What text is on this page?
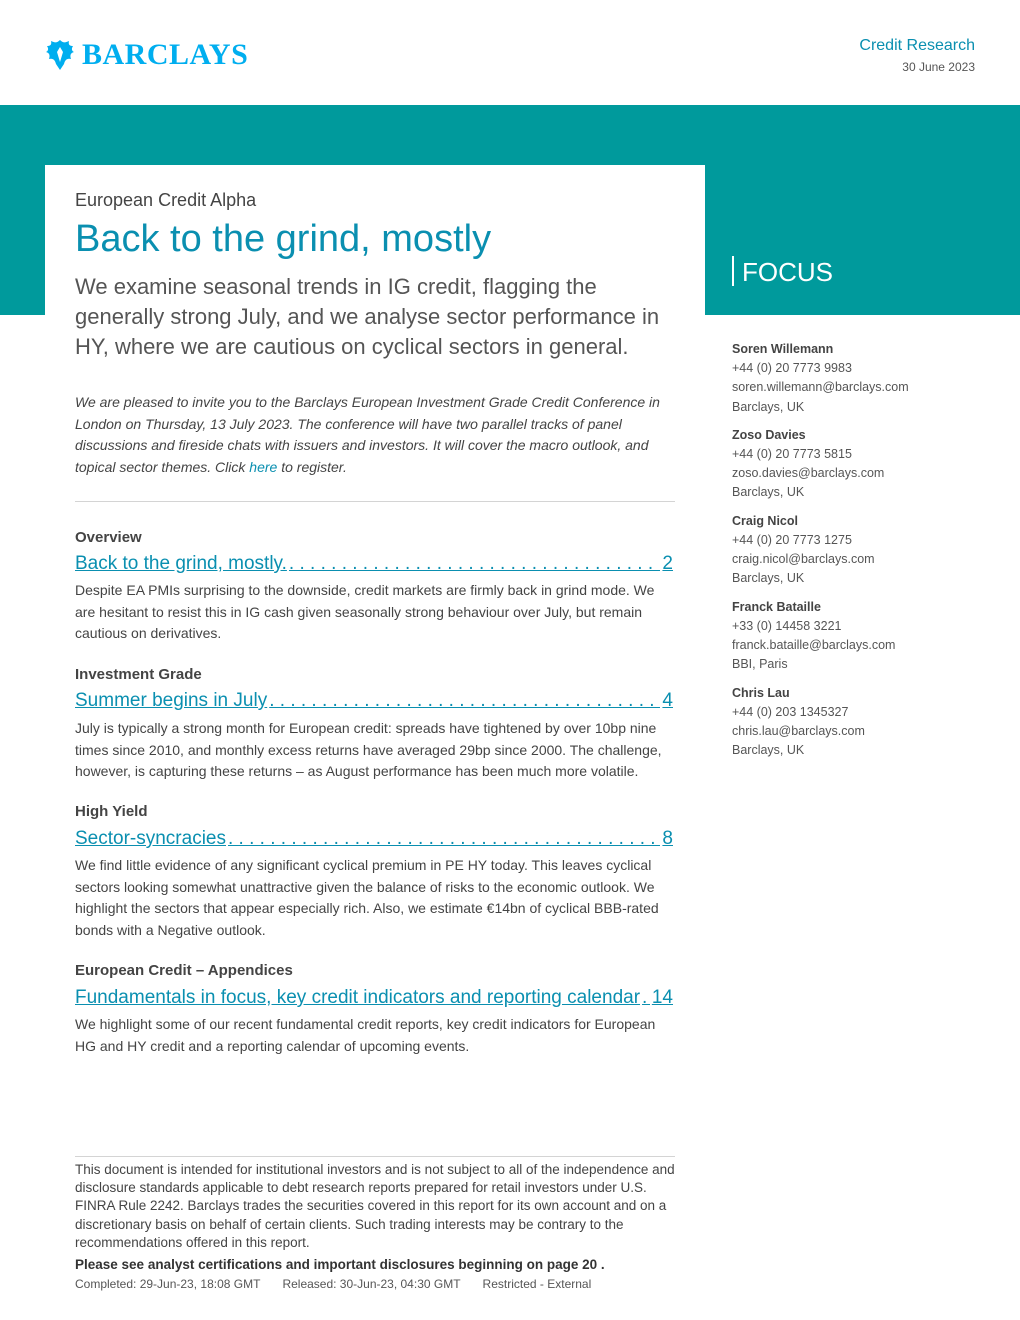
BARCLAYS	Credit Research
30 June 2023
European Credit Alpha
Back to the grind, mostly
We examine seasonal trends in IG credit, flagging the generally strong July, and we analyse sector performance in HY, where we are cautious on cyclical sectors in general.
We are pleased to invite you to the Barclays European Investment Grade Credit Conference in London on Thursday, 13 July 2023. The conference will have two parallel tracks of panel discussions and fireside chats with issuers and investors. It will cover the macro outlook, and topical sector themes. Click here to register.
Overview
Back to the grind, mostly. . . .	2
Despite EA PMIs surprising to the downside, credit markets are firmly back in grind mode. We are hesitant to resist this in IG cash given seasonally strong behaviour over July, but remain cautious on derivatives.
Investment Grade
Summer begins in July . . .	4
July is typically a strong month for European credit: spreads have tightened by over 10bp nine times since 2010, and monthly excess returns have averaged 29bp since 2000. The challenge, however, is capturing these returns – as August performance has been much more volatile.
High Yield
Sector-syncracies . . .	8
We find little evidence of any significant cyclical premium in PE HY today. This leaves cyclical sectors looking somewhat unattractive given the balance of risks to the economic outlook. We highlight the sectors that appear especially rich. Also, we estimate €14bn of cyclical BBB-rated bonds with a Negative outlook.
European Credit – Appendices
Fundamentals in focus, key credit indicators and reporting calendar . . . 14
We highlight some of our recent fundamental credit reports, key credit indicators for European HG and HY credit and a reporting calendar of upcoming events.
FOCUS
Soren Willemann
+44 (0) 20 7773 9983
soren.willemann@barclays.com
Barclays, UK
Zoso Davies
+44 (0) 20 7773 5815
zoso.davies@barclays.com
Barclays, UK
Craig Nicol
+44 (0) 20 7773 1275
craig.nicol@barclays.com
Barclays, UK
Franck Bataille
+33 (0) 14458 3221
franck.bataille@barclays.com
BBI, Paris
Chris Lau
+44 (0) 203 1345327
chris.lau@barclays.com
Barclays, UK
This document is intended for institutional investors and is not subject to all of the independence and disclosure standards applicable to debt research reports prepared for retail investors under U.S. FINRA Rule 2242. Barclays trades the securities covered in this report for its own account and on a discretionary basis on behalf of certain clients. Such trading interests may be contrary to the recommendations offered in this report.
Please see analyst certifications and important disclosures beginning on page 20 .
Completed: 29-Jun-23, 18:08 GMT Released: 30-Jun-23, 04:30 GMT Restricted - External
